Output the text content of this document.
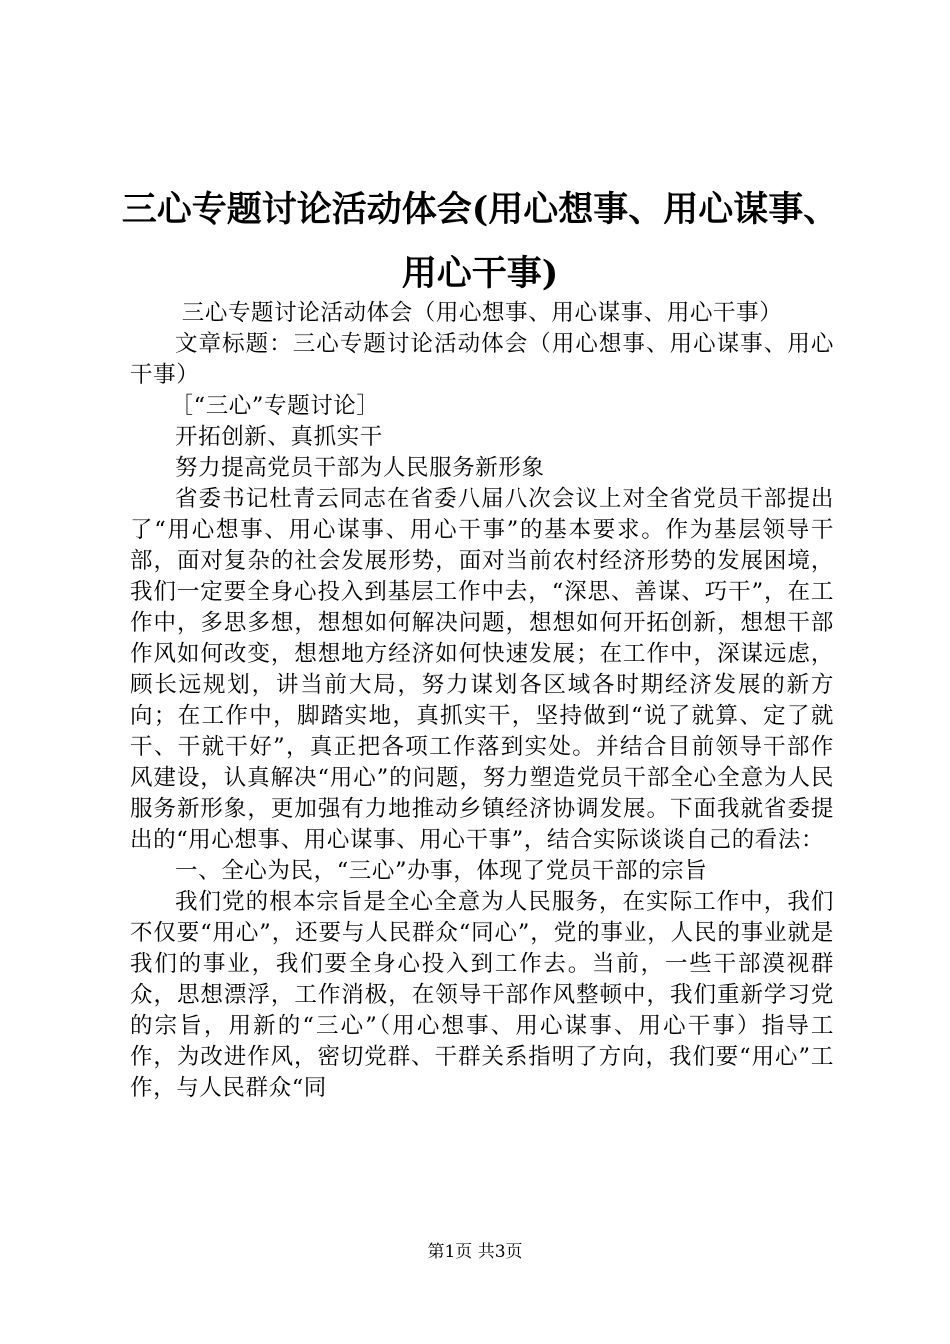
三心专题讨论活动体会(用心想事、用心谋事、用心干事)

三心专题讨论活动体会（用心想事、用心谋事、用心干事）

文章标题：三心专题讨论活动体会（用心想事、用心谋事、用心干事）

［“三心”专题讨论］

开拓创新、真抓实干

努力提高党员干部为人民服务新形象

省委书记杜青云同志在省委八届八次会议上对全省党员干部提出了“用心想事、用心谋事、用心干事”的基本要求。作为基层领导干部，面对复杂的社会发展形势，面对当前农村经济形势的发展困境，我们一定要全身心投入到基层工作中去，“深思、善谋、巧干”，在工作中，多思多想，想想如何解决问题，想想如何开拓创新，想想干部作风如何改变，想想地方经济如何快速发展；在工作中，深谋远虑，顾长远规划，讲当前大局，努力谋划各区域各时期经济发展的新方向；在工作中，脚踏实地，真抓实干，坚持做到“说了就算、定了就干、干就干好”，真正把各项工作落到实处。并结合目前领导干部作风建设，认真解决“用心”的问题，努力塑造党员干部全心全意为人民服务新形象，更加强有力地推动乡镇经济协调发展。下面我就省委提出的“用心想事、用心谋事、用心干事”，结合实际谈谈自己的看法：

一、全心为民，“三心”办事，体现了党员干部的宗旨

我们党的根本宗旨是全心全意为人民服务，在实际工作中，我们不仅要“用心”，还要与人民群众“同心”，党的事业，人民的事业就是我们的事业，我们要全身心投入到工作去。当前，一些干部漠视群众，思想漂浮，工作消极，在领导干部作风整顿中，我们重新学习党的宗旨，用新的“三心”（用心想事、用心谋事、用心干事）指导工作，为改进作风，密切党群、干群关系指明了方向，我们要“用心”工作，与人民群众“同

第1页 共3页
